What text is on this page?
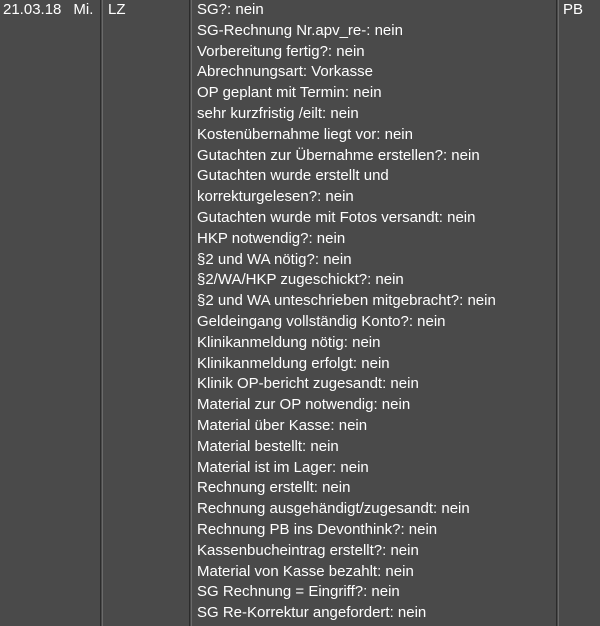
21.03.18 Mi. LZ	SG?: nein
SG-Rechnung Nr.apv_re-: nein
Vorbereitung fertig?: nein
Abrechnungsart: Vorkasse
OP geplant mit Termin: nein
sehr kurzfristig /eilt: nein
Kostenübernahme liegt vor: nein
Gutachten zur Übernahme erstellen?: nein
Gutachten wurde erstellt und
korrekturgelesen?: nein
Gutachten wurde mit Fotos versandt: nein
HKP notwendig?: nein
§2 und WA nötig?: nein
§2/WA/HKP zugeschickt?: nein
§2 und WA unteschrieben mitgebracht?: nein
Geldeingang vollständig Konto?: nein
Klinikanmeldung nötig: nein
Klinikanmeldung erfolgt: nein
Klinik OP-bericht zugesandt: nein
Material zur OP notwendig: nein
Material über Kasse: nein
Material bestellt: nein
Material ist im Lager: nein
Rechnung erstellt: nein
Rechnung ausgehändigt/zugesandt: nein
Rechnung PB ins Devonthink?: nein
Kassenbucheintrag erstellt?: nein
Material von Kasse bezahlt: nein
SG Rechnung = Eingriff?: nein
SG Re-Korrektur angefordert: nein
PB
